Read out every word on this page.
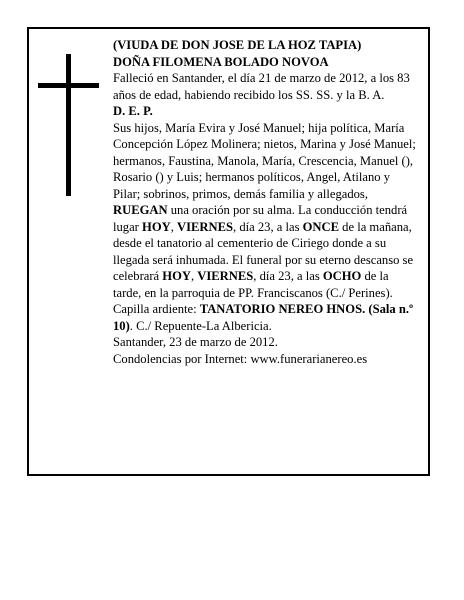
(VIUDA DE DON JOSE DE LA HOZ TAPIA)

DOÑA FILOMENA BOLADO NOVOA

Falleció en Santander, el día 21 de marzo de 2012, a los 83 años de edad, habiendo recibido los SS. SS. y la B. A.

D. E. P.

Sus hijos, María Evira y José Manuel; hija política, María Concepción López Molinera; nietos, Marina y José Manuel; hermanos, Faustina, Manola, María, Crescencia, Manuel (), Rosario () y Luis; hermanos políticos, Angel, Atilano y Pilar; sobrinos, primos, demás familia y allegados,

RUEGAN una oración por su alma. La conducción tendrá lugar HOY, VIERNES, día 23, a las ONCE de la mañana, desde el tanatorio al cementerio de Ciriego donde a su llegada será inhumada. El funeral por su eterno descanso se celebrará HOY, VIERNES, día 23, a las OCHO de la tarde, en la parroquia de PP. Franciscanos (C./ Perines).

Capilla ardiente: TANATORIO NEREO HNOS. (Sala n.º 10). C./ Repuente-La Albericia.

Santander, 23 de marzo de 2012.

Condolencias por Internet: www.funerarianereo.es
